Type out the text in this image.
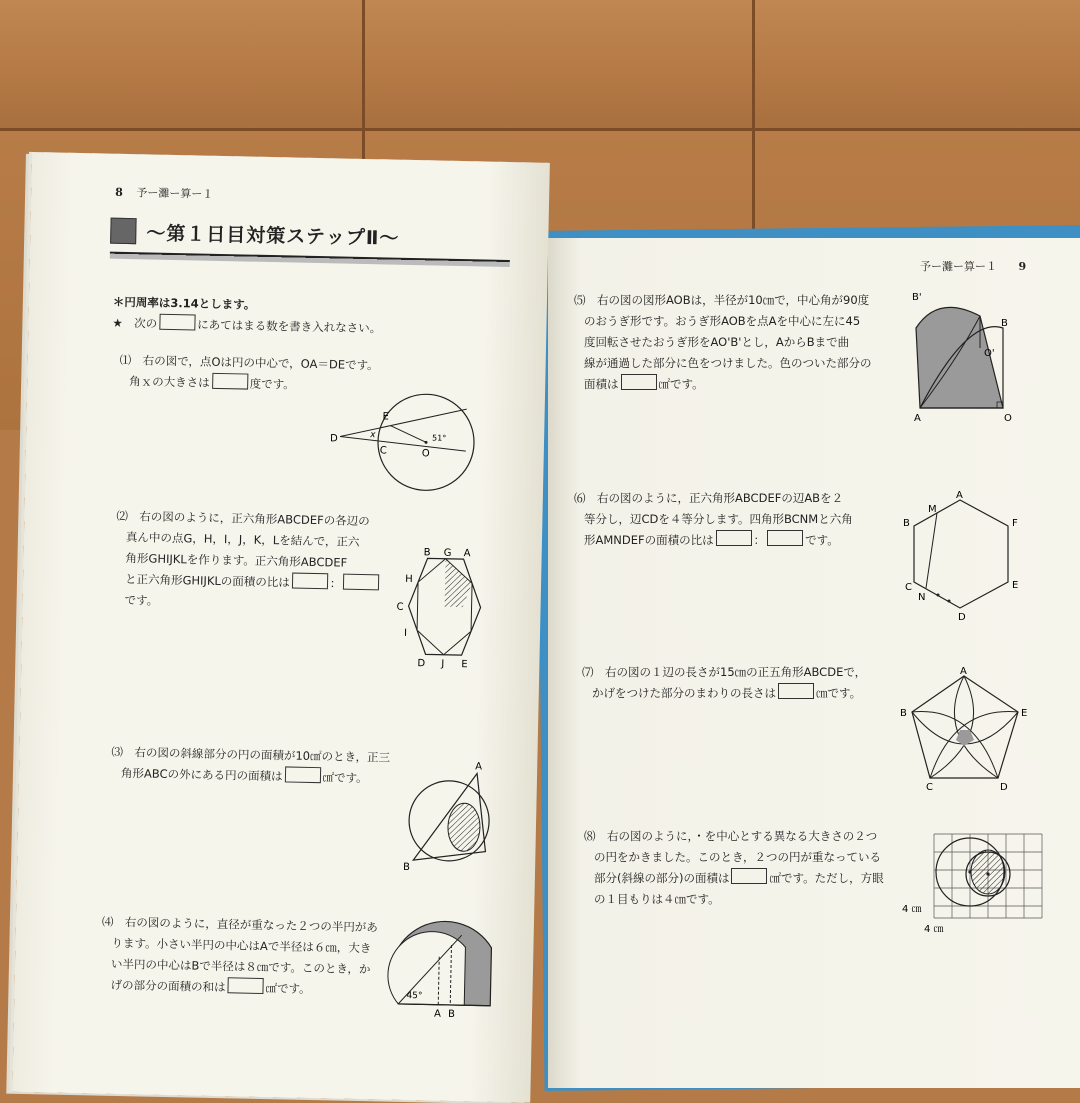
予ー灘ー算ー１ 9
⑸　 右の図の図形AOBは，半径が10㎝で，中心角が90度
のおうぎ形です。おうぎ形AOBを点Aを中心に左に45
度回転させたおうぎ形をAO'B'とし，AからBまで曲
線が通過した部分に色をつけました。色のついた部分の
面積は	㎠です。
B'
B
O'
A	O
⑹　 右の図のように，正六角形ABCDEFの辺ABを２
等分し，辺CDを４等分します。四角形BCNMと六角
形AMNDEFの面積の比は	：	です。
A
M
B	F
C
N
E
D
⑺　 右の図の１辺の長さが15㎝の正五角形ABCDEで，
かげをつけた部分のまわりの長さは	㎝です。
A
B	E
C	D
⑻　 右の図のように，・を中心とする異なる大きさの２つ
の円をかきました。このとき，２つの円が重なっている
部分(斜線の部分)の面積は	㎠です。ただし，方眼
の１目もりは４㎝です。
4 ㎝
4 ㎝
8 予ー灘ー算ー１
～第１日目対策ステップⅡ～
＊円周率は3.14とします。
★　次の	にあてはまる数を書き入れなさい。
⑴　 右の図で，点Oは円の中心で，OA＝DEです。
角ｘの大きさは	度です。
E
D	x
C	O
51°
⑵　 右の図のように，正六角形ABCDEFの各辺の
真ん中の点G，H，I，J，K，Lを結んで，正六
角形GHIJKLを作ります。正六角形ABCDEF
と正六角形GHIJKLの面積の比は	：
です。
B G A
H
C
I
D J E
⑶　 右の図の斜線部分の円の面積が10㎠のとき，正三
角形ABCの外にある円の面積は	㎠です。
A
B
⑷　 右の図のように，直径が重なった２つの半円があ
ります。小さい半円の中心はAで半径は６㎝，大き
い半円の中心はBで半径は８㎝です。このとき，か
げの部分の面積の和は	㎠です。
45°
A B
